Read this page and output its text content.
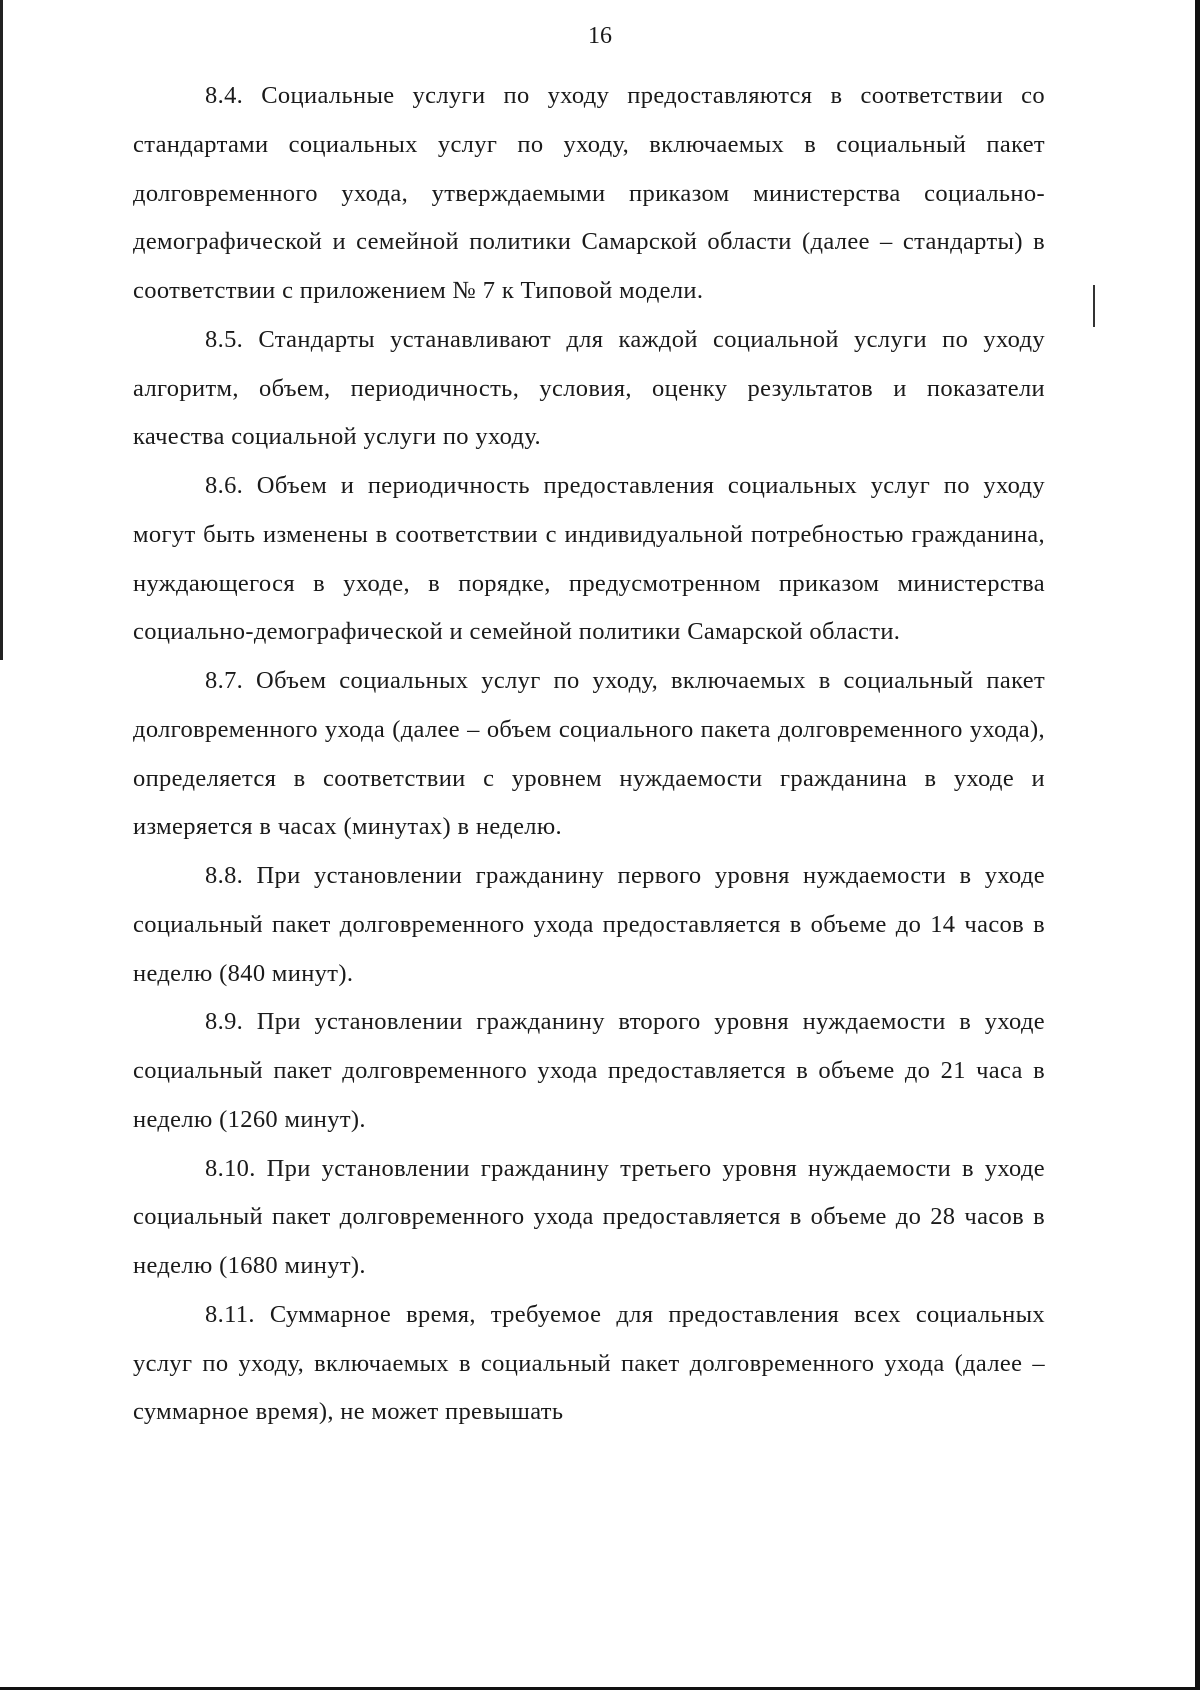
16

8.4. Социальные услуги по уходу предоставляются в соответствии со стандартами социальных услуг по уходу, включаемых в социальный пакет долговременного ухода, утверждаемыми приказом министерства социально-демографической и семейной политики Самарской области (далее – стандарты) в соответствии с приложением № 7 к Типовой модели.

8.5. Стандарты устанавливают для каждой социальной услуги по уходу алгоритм, объем, периодичность, условия, оценку результатов и показатели качества социальной услуги по уходу.

8.6. Объем и периодичность предоставления социальных услуг по уходу могут быть изменены в соответствии с индивидуальной потребностью гражданина, нуждающегося в уходе, в порядке, предусмотренном приказом министерства социально-демографической и семейной политики Самарской области.

8.7. Объем социальных услуг по уходу, включаемых в социальный пакет долговременного ухода (далее – объем социального пакета долговременного ухода), определяется в соответствии с уровнем нуждаемости гражданина в уходе и измеряется в часах (минутах) в неделю.

8.8. При установлении гражданину первого уровня нуждаемости в уходе социальный пакет долговременного ухода предоставляется в объеме до 14 часов в неделю (840 минут).

8.9. При установлении гражданину второго уровня нуждаемости в уходе социальный пакет долговременного ухода предоставляется в объеме до 21 часа в неделю (1260 минут).

8.10. При установлении гражданину третьего уровня нуждаемости в уходе социальный пакет долговременного ухода предоставляется в объеме до 28 часов в неделю (1680 минут).

8.11. Суммарное время, требуемое для предоставления всех социальных услуг по уходу, включаемых в социальный пакет долговременного ухода (далее – суммарное время), не может превышать
